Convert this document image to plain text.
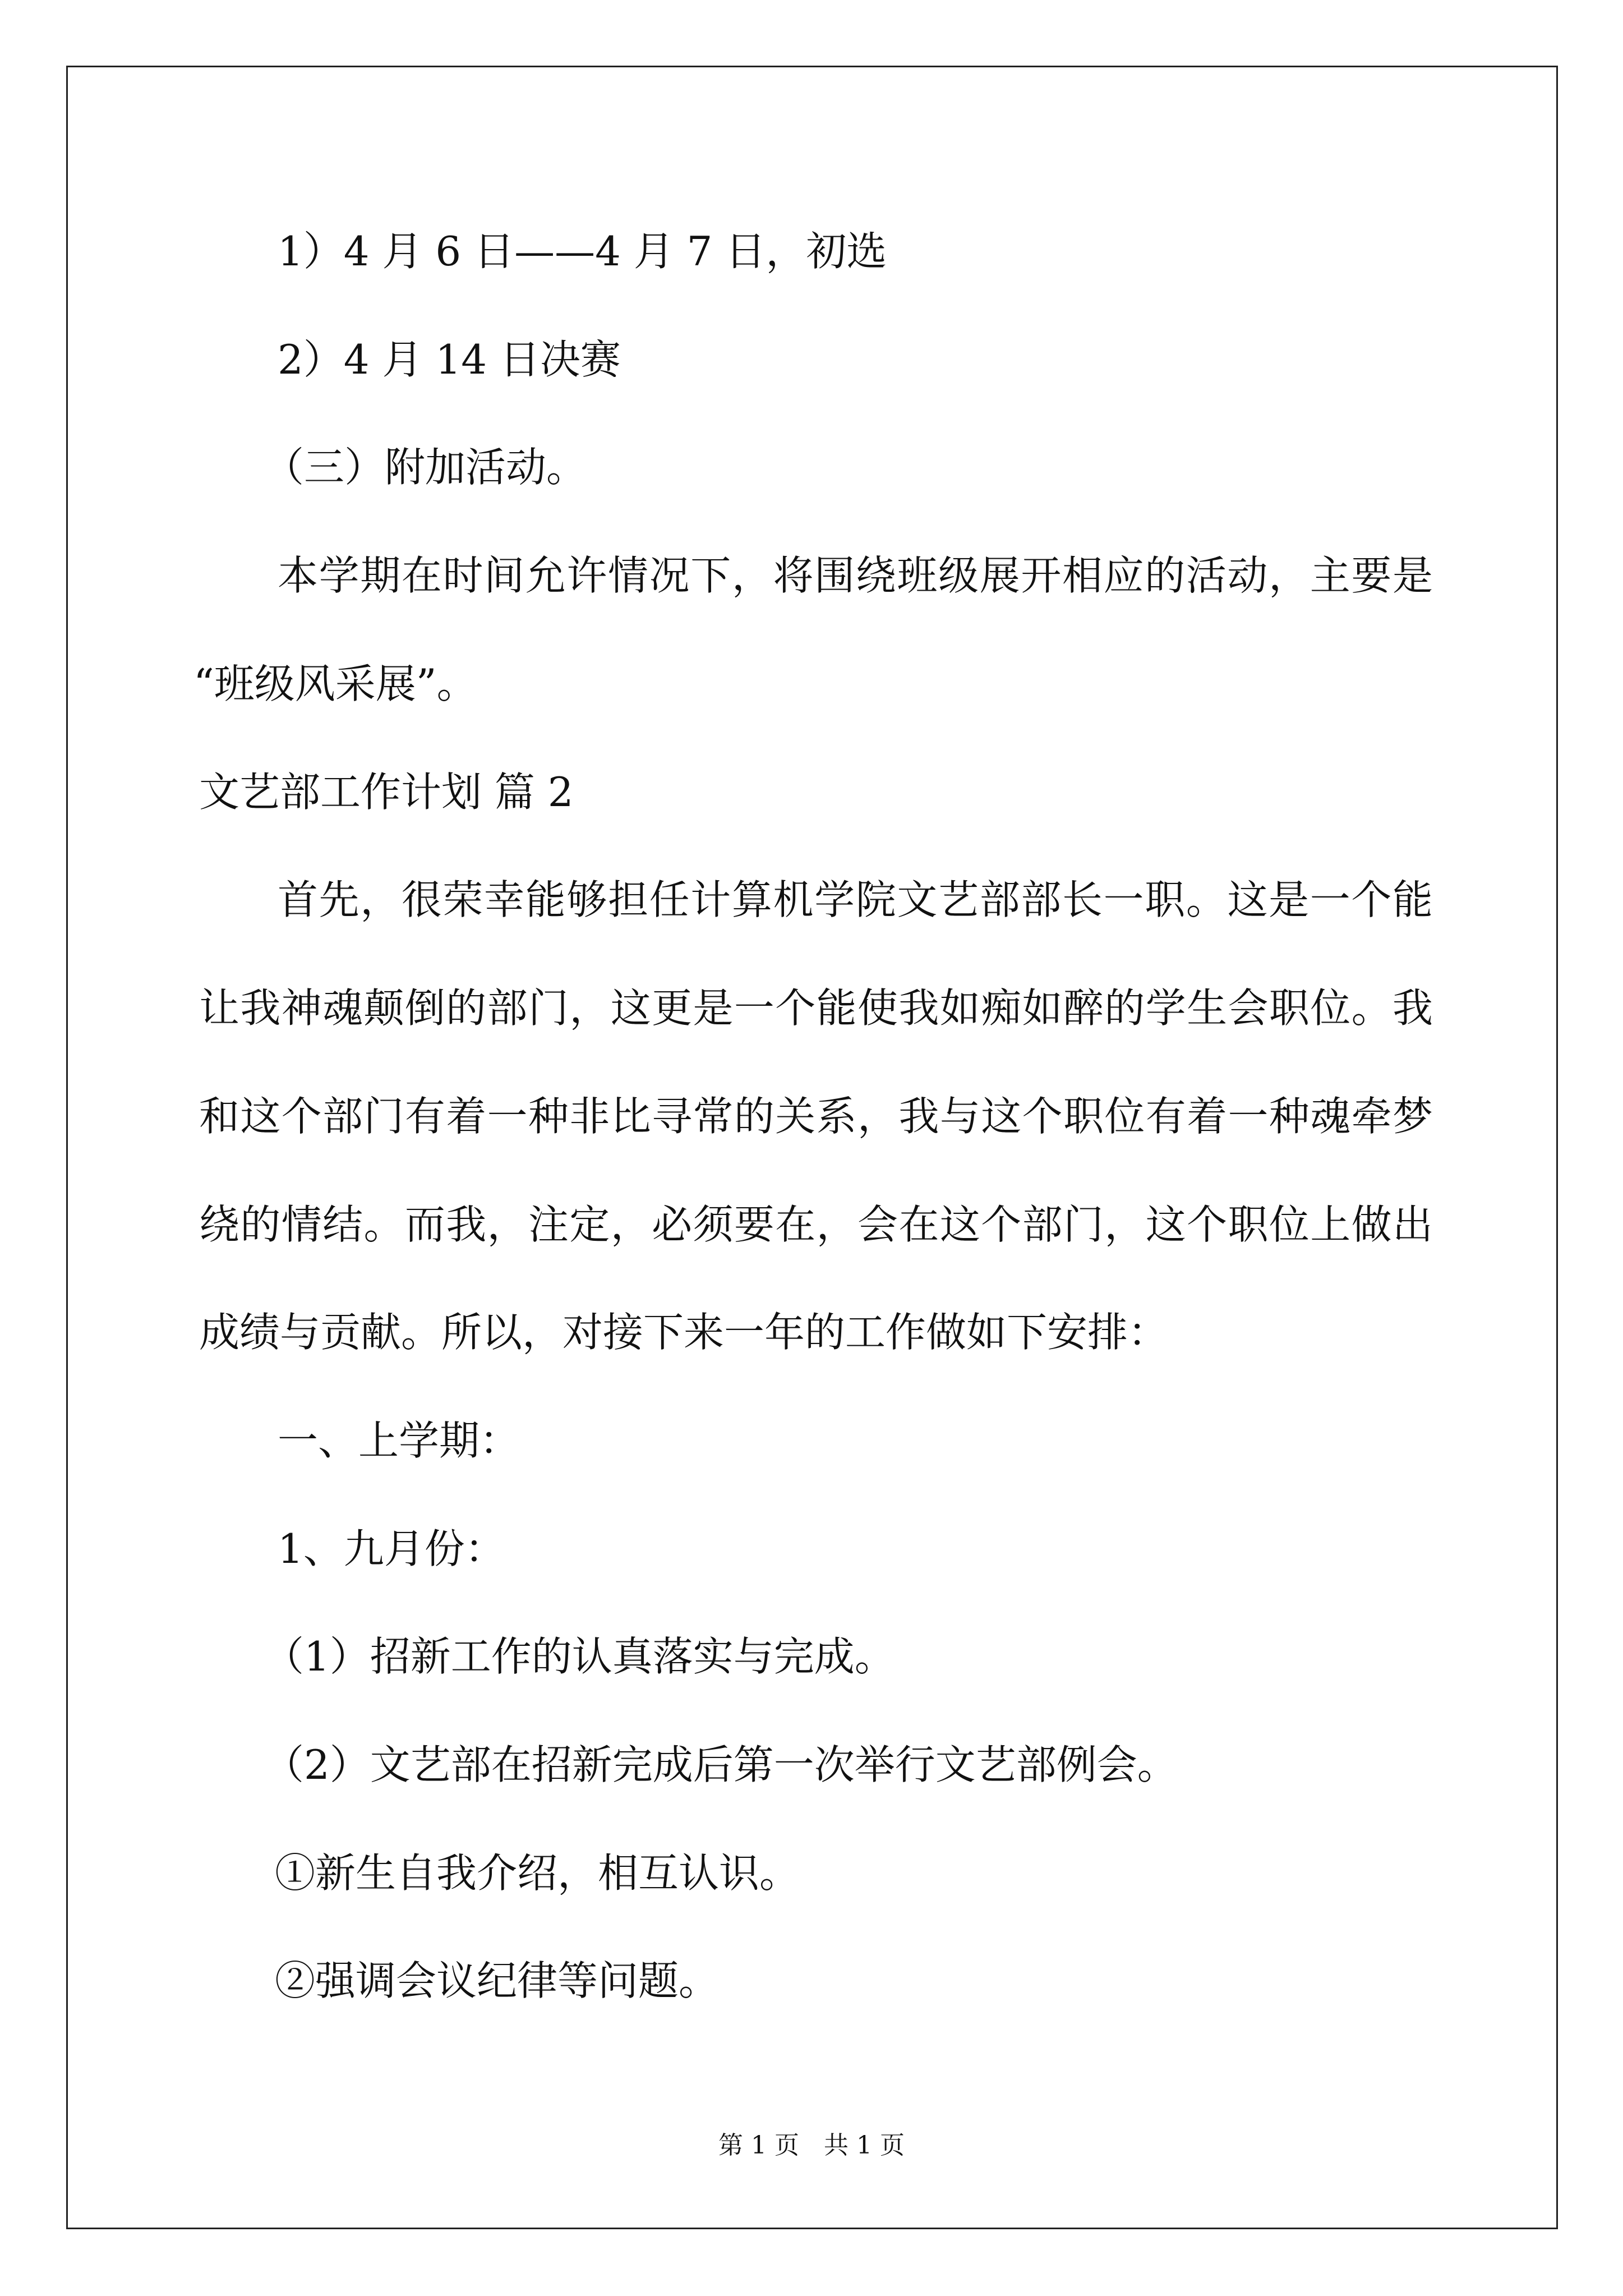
1）4 月 6 日——4 月 7 日，初选
2）4 月 14 日决赛
（三）附加活动。
本学期在时间允许情况下，将围绕班级展开相应的活动，主要是
“班级风采展”。
文艺部工作计划 篇 2
首先，很荣幸能够担任计算机学院文艺部部长一职。这是一个能
让我神魂颠倒的部门，这更是一个能使我如痴如醉的学生会职位。我
和这个部门有着一种非比寻常的关系，我与这个职位有着一种魂牵梦
绕的情结。而我，注定，必须要在，会在这个部门，这个职位上做出
成绩与贡献。所以，对接下来一年的工作做如下安排：
一、上学期：
1、九月份：
（1）招新工作的认真落实与完成。
（2）文艺部在招新完成后第一次举行文艺部例会。
①新生自我介绍，相互认识。
②强调会议纪律等问题。
第 1 页　共 1 页
